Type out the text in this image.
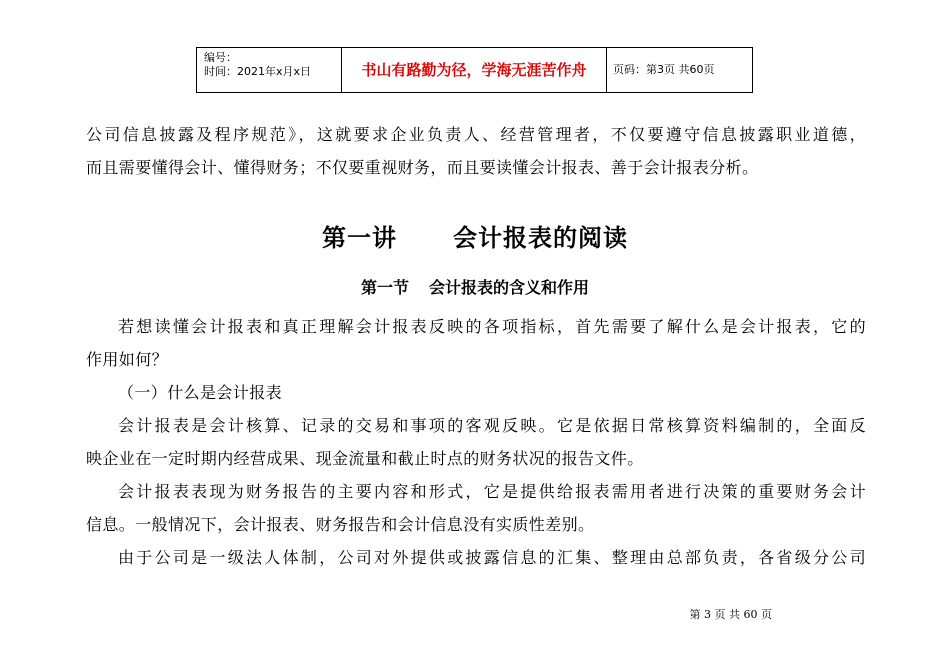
编号：
时间：2021年x月x日	书山有路勤为径，学海无涯苦作舟 页码：第3页 共60页
公司信息披露及程序规范》，这就要求企业负责人、经营管理者，不仅要遵守信息披露职业道德，
而且需要懂得会计、懂得财务；不仅要重视财务，而且要读懂会计报表、善于会计报表分析。
第一讲 会计报表的阅读
第一节 会计报表的含义和作用
若想读懂会计报表和真正理解会计报表反映的各项指标，首先需要了解什么是会计报表，它的
作用如何？
（一）什么是会计报表
会计报表是会计核算、记录的交易和事项的客观反映。它是依据日常核算资料编制的，全面反
映企业在一定时期内经营成果、现金流量和截止时点的财务状况的报告文件。
会计报表表现为财务报告的主要内容和形式，它是提供给报表需用者进行决策的重要财务会计
信息。一般情况下，会计报表、财务报告和会计信息没有实质性差别。
由于公司是一级法人体制，公司对外提供或披露信息的汇集、整理由总部负责，各省级分公司
第 3 页 共 60 页
